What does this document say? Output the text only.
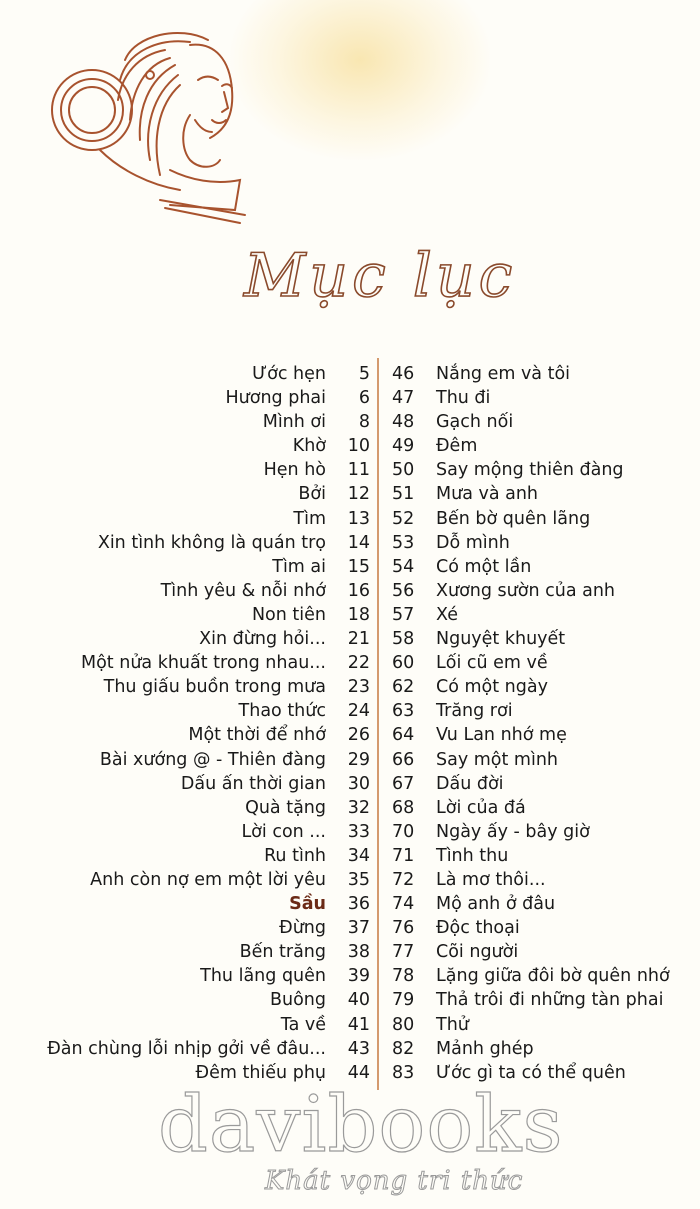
Mục lục
Ước hẹn	5
Hương phai	6
Mình ơi	8
Khờ	10
Hẹn hò	11
Bởi	12
Tìm	13
Xin tình không là quán trọ	14
Tìm ai	15
Tình yêu & nỗi nhớ	16
Non tiên	18
Xin đừng hỏi...	21
Một nửa khuất trong nhau...	22
Thu giấu buồn trong mưa	23
Thao thức	24
Một thời để nhớ	26
Bài xướng @ - Thiên đàng	29
Dấu ấn thời gian	30
Quà tặng	32
Lời con ...	33
Ru tình	34
Anh còn nợ em một lời yêu	35
Sầu	36
Đừng	37
Bến trăng	38
Thu lãng quên	39
Buông	40
Ta về	41
Đàn chùng lỗi nhịp gởi về đâu...	43
Đêm thiếu phụ	44
46	Nắng em và tôi
47	Thu đi
48	Gạch nối
49	Đêm
50	Say mộng thiên đàng
51	Mưa và anh
52	Bến bờ quên lãng
53	Dỗ mình
54	Có một lần
56	Xương sườn của anh
57	Xé
58	Nguyệt khuyết
60	Lối cũ em về
62	Có một ngày
63	Trăng rơi
64	Vu Lan nhớ mẹ
66	Say một mình
67	Dấu đời
68	Lời của đá
70	Ngày ấy - bây giờ
71	Tình thu
72	Là mơ thôi...
74	Mộ anh ở đâu
76	Độc thoại
77	Cõi người
78	Lặng giữa đôi bờ quên nhớ
79	Thả trôi đi những tàn phai
80	Thử
82	Mảnh ghép
83	Ước gì ta có thể quên
davibooks
Khát vọng tri thức
